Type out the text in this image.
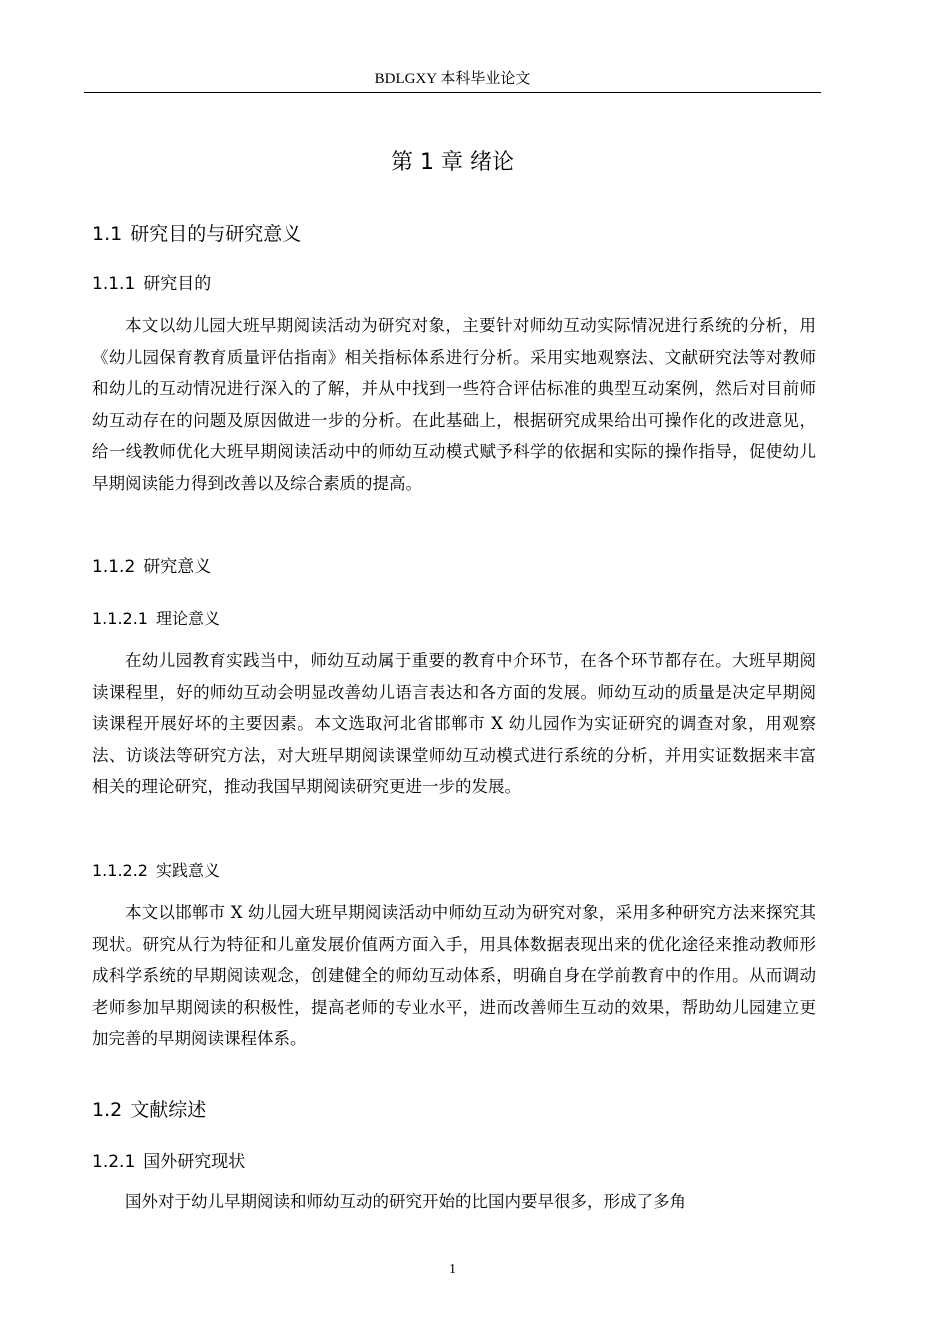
BDLGXY 本科毕业论文
第 1 章 绪论
1.1 研究目的与研究意义
1.1.1 研究目的

本文以幼儿园大班早期阅读活动为研究对象，主要针对师幼互动实际情况进行系统的分析，用《幼儿园保育教育质量评估指南》相关指标体系进行分析。采用实地观察法、文献研究法等对教师和幼儿的互动情况进行深入的了解，并从中找到一些符合评估标准的典型互动案例，然后对目前师幼互动存在的问题及原因做进一步的分析。在此基础上，根据研究成果给出可操作化的改进意见，给一线教师优化大班早期阅读活动中的师幼互动模式赋予科学的依据和实际的操作指导，促使幼儿早期阅读能力得到改善以及综合素质的提高。

1.1.2 研究意义
1.1.2.1 理论意义

在幼儿园教育实践当中，师幼互动属于重要的教育中介环节，在各个环节都存在。大班早期阅读课程里，好的师幼互动会明显改善幼儿语言表达和各方面的发展。师幼互动的质量是决定早期阅读课程开展好坏的主要因素。本文选取河北省邯郸市 X 幼儿园作为实证研究的调查对象，用观察法、访谈法等研究方法，对大班早期阅读课堂师幼互动模式进行系统的分析，并用实证数据来丰富相关的理论研究，推动我国早期阅读研究更进一步的发展。

1.1.2.2 实践意义

本文以邯郸市 X 幼儿园大班早期阅读活动中师幼互动为研究对象，采用多种研究方法来探究其现状。研究从行为特征和儿童发展价值两方面入手，用具体数据表现出来的优化途径来推动教师形成科学系统的早期阅读观念，创建健全的师幼互动体系，明确自身在学前教育中的作用。从而调动老师参加早期阅读的积极性，提高老师的专业水平，进而改善师生互动的效果，帮助幼儿园建立更加完善的早期阅读课程体系。

1.2 文献综述
1.2.1 国外研究现状

国外对于幼儿早期阅读和师幼互动的研究开始的比国内要早很多，形成了多角

1
